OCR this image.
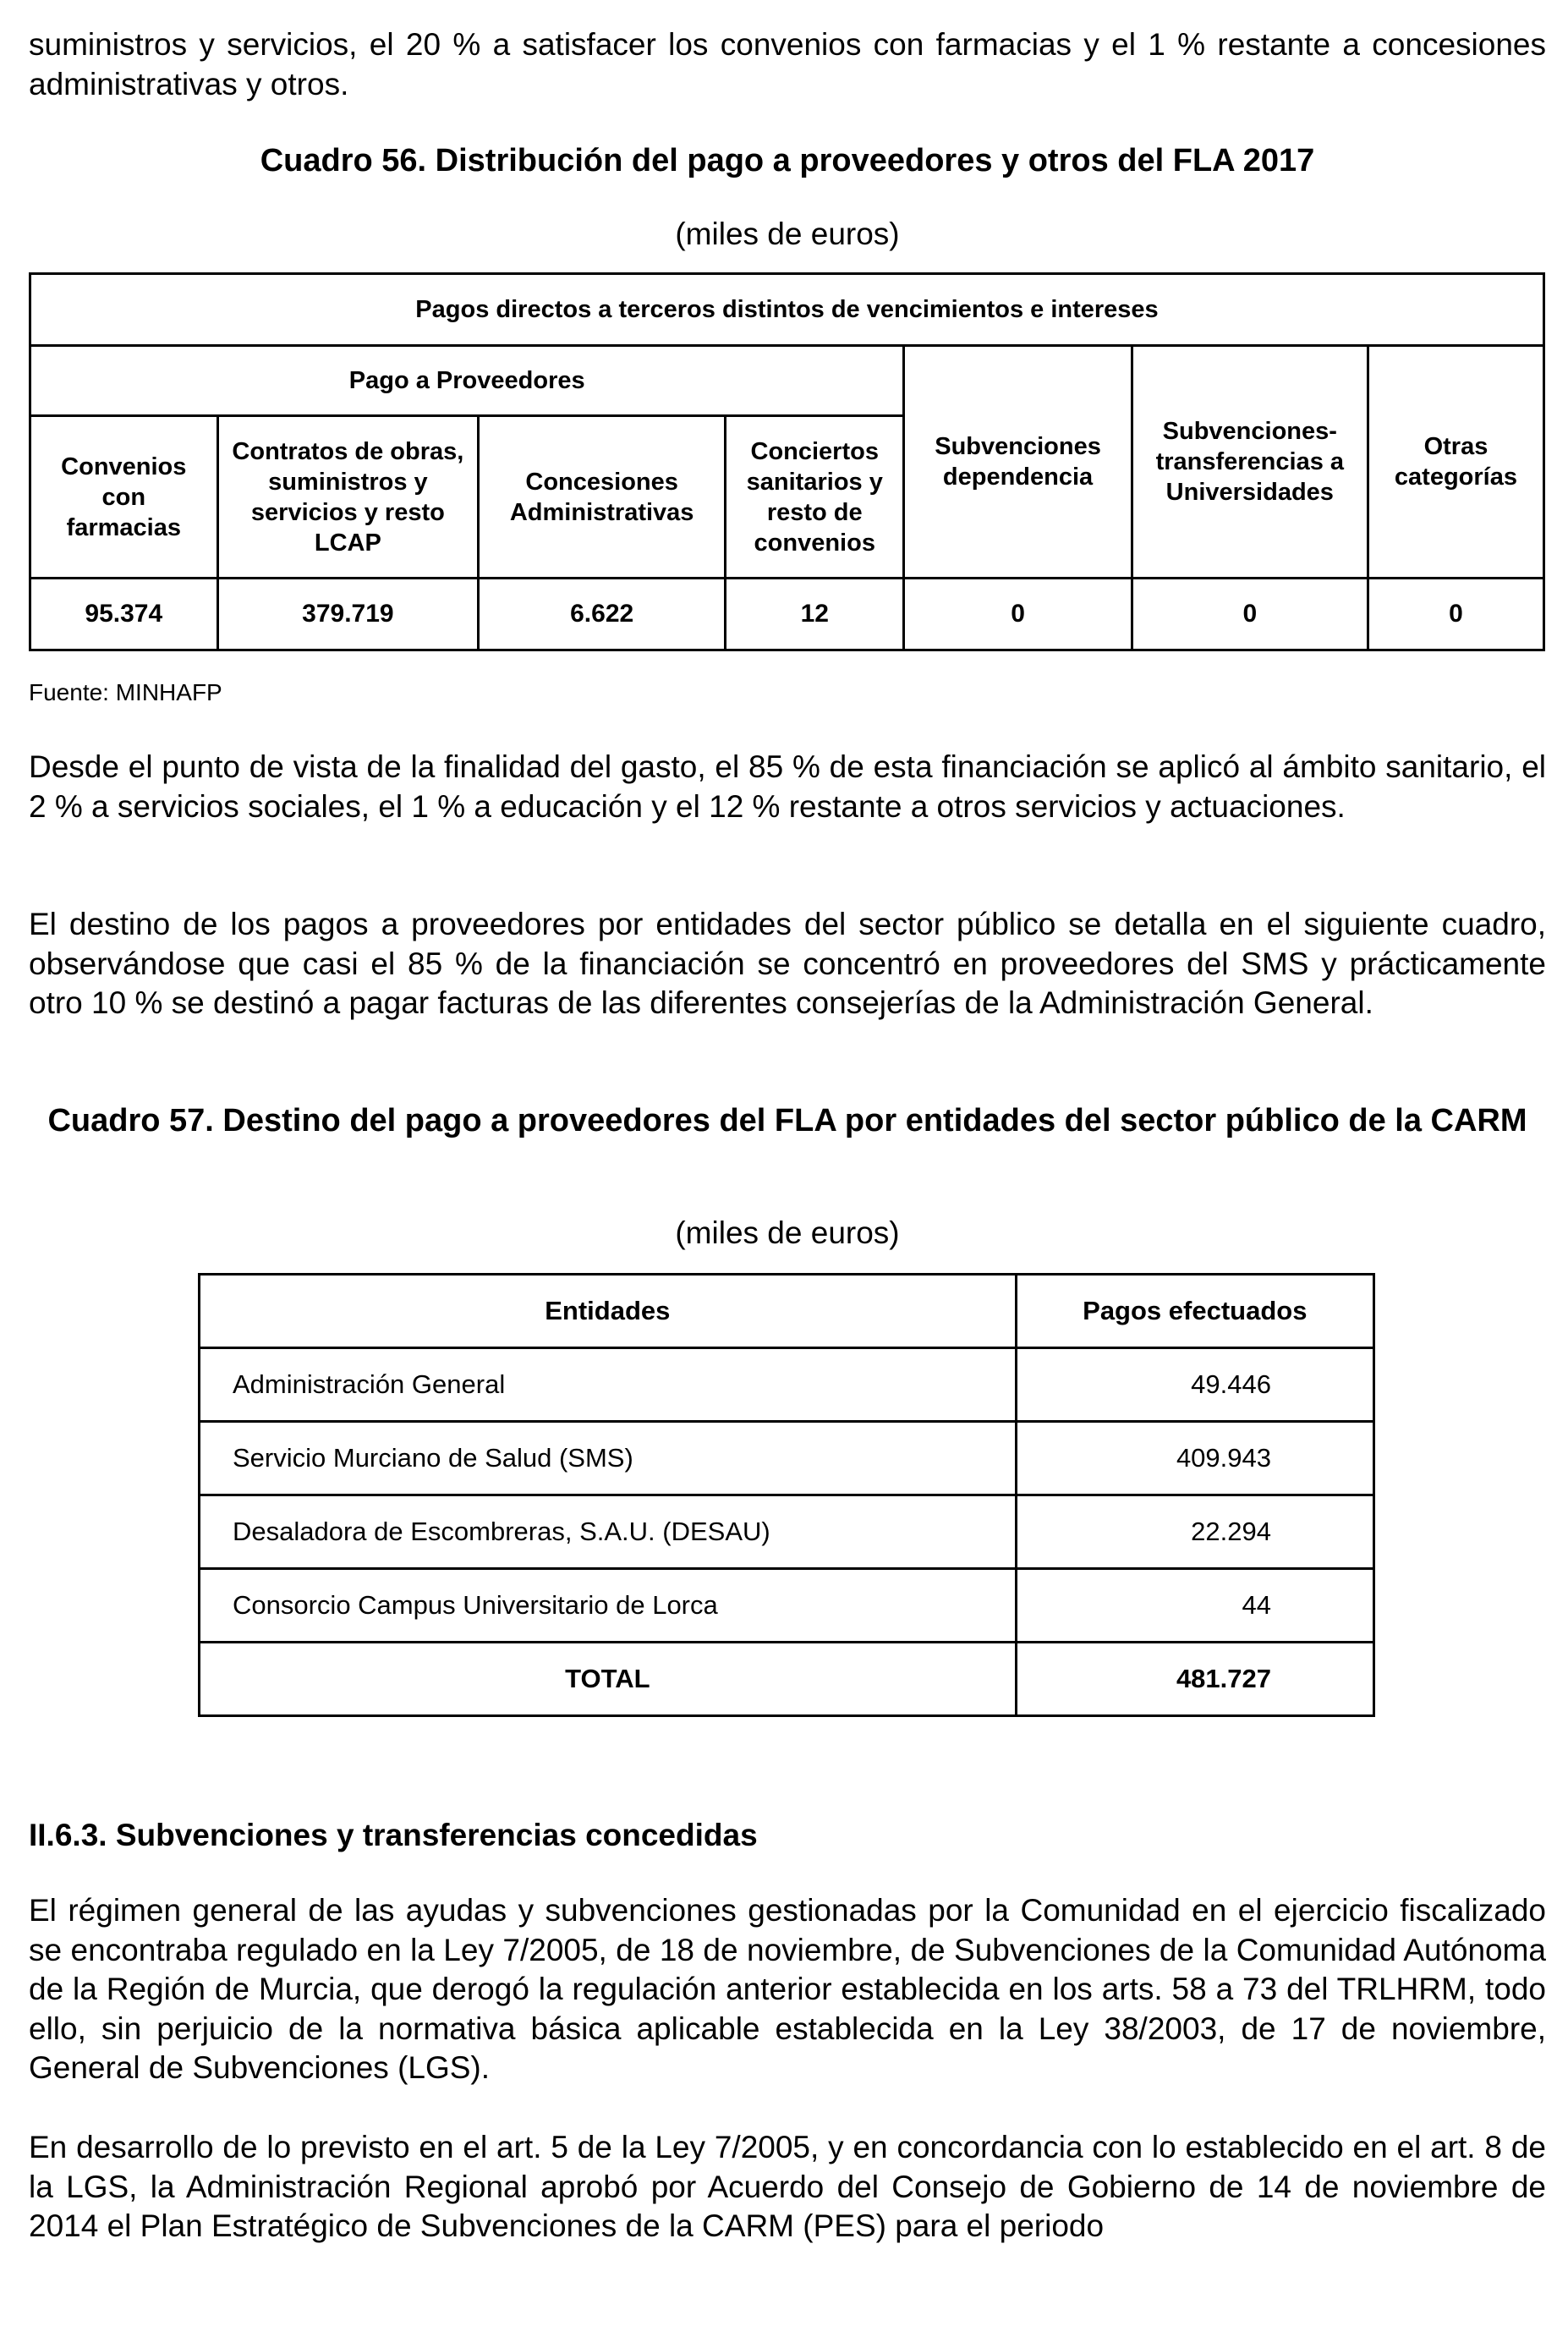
suministros y servicios, el 20 % a satisfacer los convenios con farmacias y el 1 % restante a concesiones administrativas y otros.

Cuadro 56. Distribución del pago a proveedores y otros del FLA 2017

(miles de euros)

Pagos directos a terceros distintos de vencimientos e intereses						
Pago a Proveedores				Subvenciones dependencia	Subvenciones-transferencias a Universidades	Otras categorías
Convenios con farmacias	Contratos de obras, suministros y servicios y resto LCAP	Concesiones Administrativas	Conciertos sanitarios y resto de convenios			
95.374	379.719	6.622	12	0	0	0

Fuente: MINHAFP

Desde el punto de vista de la finalidad del gasto, el 85 % de esta financiación se aplicó al ámbito sanitario, el 2 % a servicios sociales, el 1 % a educación y el 12 % restante a otros servicios y actuaciones.

El destino de los pagos a proveedores por entidades del sector público se detalla en el siguiente cuadro, observándose que casi el 85 % de la financiación se concentró en proveedores del SMS y prácticamente otro 10 % se destinó a pagar facturas de las diferentes consejerías de la Administración General.

Cuadro 57. Destino del pago a proveedores del FLA por entidades del sector público de la CARM

(miles de euros)

Entidades	Pagos efectuados
Administración General	49.446
Servicio Murciano de Salud (SMS)	409.943
Desaladora de Escombreras, S.A.U. (DESAU)	22.294
Consorcio Campus Universitario de Lorca	44
TOTAL	481.727

II.6.3. Subvenciones y transferencias concedidas

El régimen general de las ayudas y subvenciones gestionadas por la Comunidad en el ejercicio fiscalizado se encontraba regulado en la Ley 7/2005, de 18 de noviembre, de Subvenciones de la Comunidad Autónoma de la Región de Murcia, que derogó la regulación anterior establecida en los arts. 58 a 73 del TRLHRM, todo ello, sin perjuicio de la normativa básica aplicable establecida en la Ley 38/2003, de 17 de noviembre, General de Subvenciones (LGS).

En desarrollo de lo previsto en el art. 5 de la Ley 7/2005, y en concordancia con lo establecido en el art. 8 de la LGS, la Administración Regional aprobó por Acuerdo del Consejo de Gobierno de 14 de noviembre de 2014 el Plan Estratégico de Subvenciones de la CARM (PES) para el periodo
